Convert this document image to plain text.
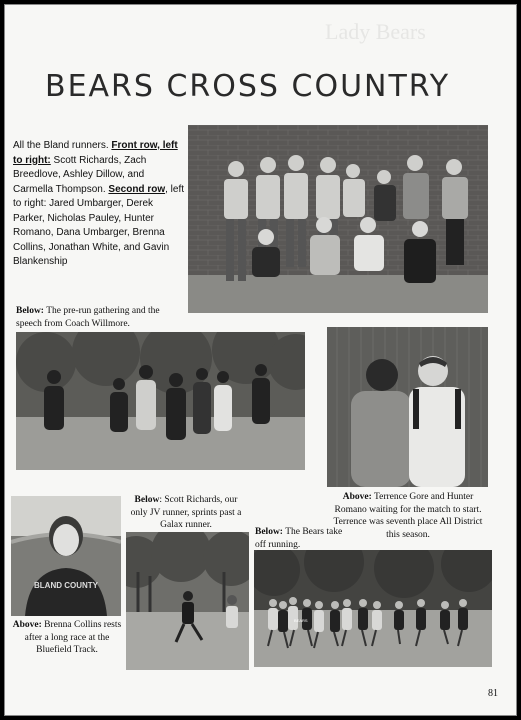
Lady Bears
BEARS CROSS COUNTRY
All the Bland runners. Front row, left to right: Scott Richards, Zach Breedlove, Ashley Dillow, and Carmella Thompson. Second row, left to right: Jared Umbarger, Derek Parker, Nicholas Pauley, Hunter Romano, Dana Umbarger, Brenna Collins, Jonathan White, and Gavin Blankenship
Below: The pre-run gathering and the speech from Coach Willmore.
Above: Terrence Gore and Hunter Romano waiting for the match to start. Terrence was seventh place All District this season.
BLAND COUNTY
Above: Brenna Collins rests after a long race at the Bluefield Track.
Below: Scott Richards, our only JV runner, sprints past a Galax runner.
Below: The Bears take off running.
BEARS
81
